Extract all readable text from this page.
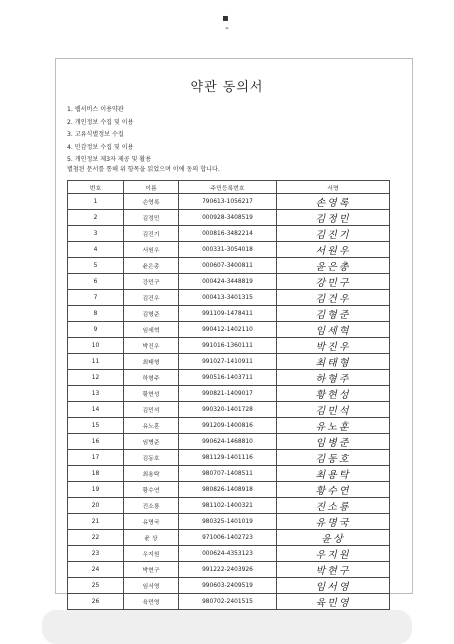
▪
-
약관 동의서
1. 웹서비스 이용약관
2. 개인정보 수집 및 이용
3. 고유식별정보 수집
4. 민감정보 수집 및 이용
5. 개인정보 제3자 제공 및 활용
별첨된 문서를 통해 위 항목을 읽었으며 이에 동의 합니다.
번호	이름	주민등록번호	서명
1	손영록	790613-1056217	손영록
2	김정민	000928-3408519	김정민
3	김진기	000816-3482214	김진기
4	서원우	000331-3054018	서원우
5	윤은총	000607-3400811	윤은총
6	강민구	000424-3448819	강민구
7	김건우	000413-3401315	김건우
8	김형준	991109-1478411	김형준
9	임세혁	990412-1402110	임세혁
10	박진우	991016-1360111	박진우
11	최태형	991027-1410911	최태형
12	하형주	990516-1403711	하형주
13	황현성	990821-1409017	황현성
14	김민석	990320-1401728	김민석
15	유노훈	991209-1400816	유노훈
16	임병준	990624-1468810	임병준
17	김동호	981129-1401116	김동호
18	최용탁	980707-1408511	최용탁
19	황수연	980826-1408918	황수연
20	진소룡	981102-1400321	진소룡
21	유명국	980325-1401019	유명국
22	윤 상	971006-1402723	윤상
23	우지원	000624-4353123	우지원
24	박현구	991222-2403926	박현구
25	임서영	990603-2409519	임서영
26	육민영	980702-2401515	육민영
